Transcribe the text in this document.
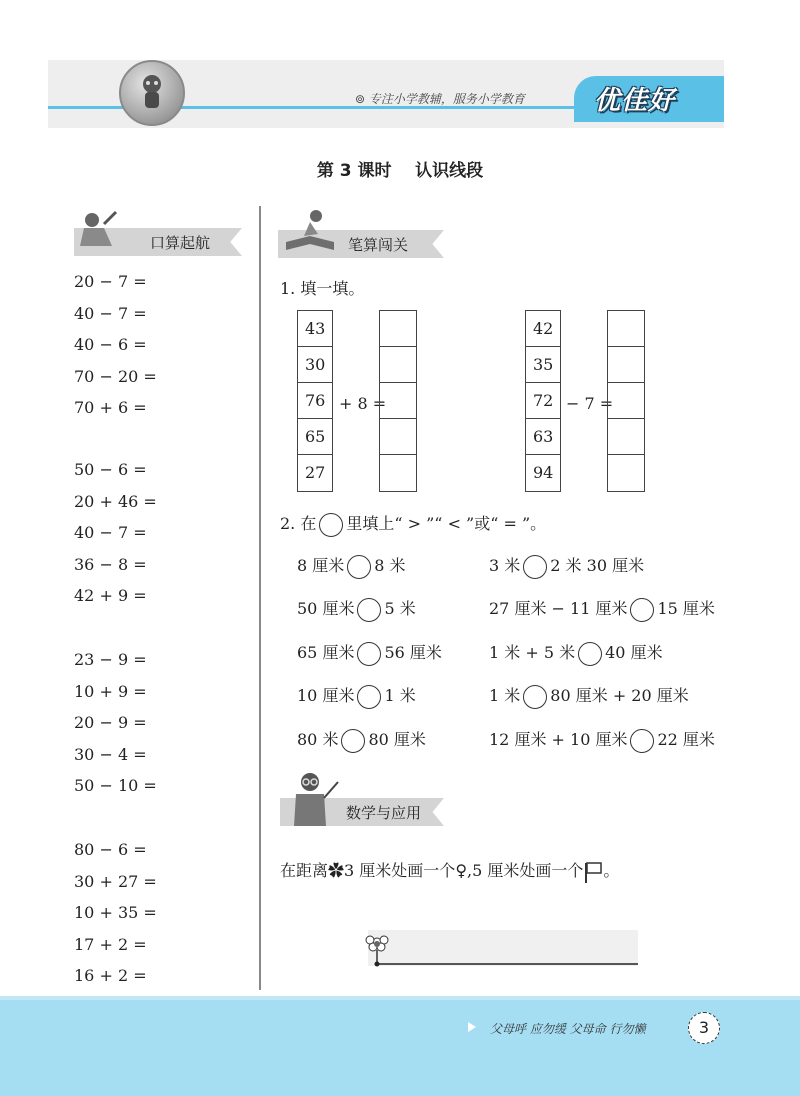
⊚ 专注小学教辅，服务小学教育	优佳好
第 3 课时    认识线段
口算起航
20 − 7 =
40 − 7 =
40 − 6 =
70 − 20 =
70 + 6 =
50 − 6 =
20 + 46 =
40 − 7 =
36 − 8 =
42 + 9 =
23 − 9 =
10 + 9 =
20 − 9 =
30 − 4 =
50 − 10 =
80 − 6 =
30 + 27 =
10 + 35 =
17 + 2 =
16 + 2 =
笔算闯关
1. 填一填。
43
30
76
65
27
+ 8 =
42
35
72
63
94
− 7 =
2. 在 里填上“ > ”“ < ”或“ = ”。
8 厘米 8 米	3 米 2 米 30 厘米
50 厘米 5 米	27 厘米 − 11 厘米 15 厘米
65 厘米 56 厘米	1 米 + 5 米 40 厘米
10 厘米 1 米	1 米 80 厘米 + 20 厘米
80 米 80 厘米	12 厘米 + 10 厘米 22 厘米
数学与应用
在距离✿3 厘米处画一个♀,5 厘米处画一个 。
父母呼 应勿缓 父母命 行勿懒	3
